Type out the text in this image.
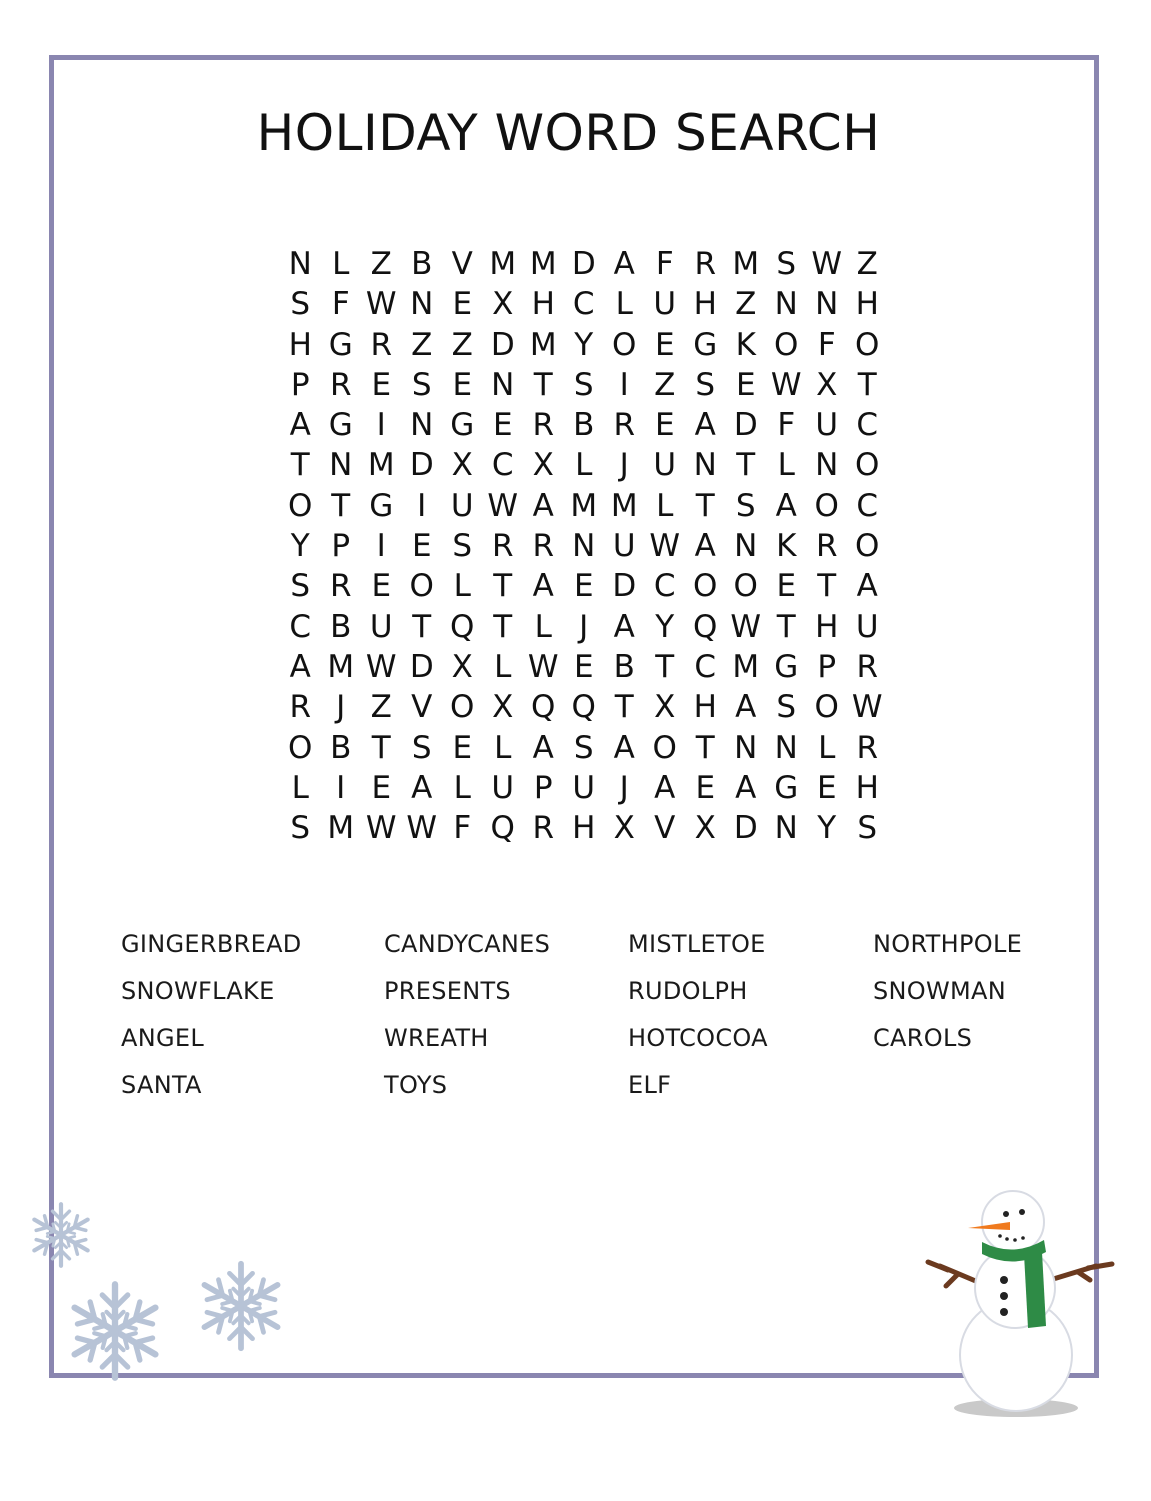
HOLIDAY WORD SEARCH
N L Z B V M M D A F R M S W Z
S F W N E X H C L U H Z N N H
H G R Z Z D M Y O E G K O F O
P R E S E N T S I Z S E W X T
A G I N G E R B R E A D F U C
T N M D X C X L J U N T L N O
O T G I U W A M M L T S A O C
Y P I E S R R N U W A N K R O
S R E O L T A E D C O O E T A
C B U T Q T L J A Y Q W T H U
A M W D X L W E B T C M G P R
R J Z V O X Q Q T X H A S O W
O B T S E L A S A O T N N L R
L I E A L U P U J A E A G E H
S M W W F Q R H X V X D N Y S
GINGERBREAD	CANDYCANES	MISTLETOE	NORTHPOLE
SNOWFLAKE	PRESENTS	RUDOLPH	SNOWMAN
ANGEL	WREATH	HOTCOCOA	CAROLS
SANTA	TOYS	ELF
